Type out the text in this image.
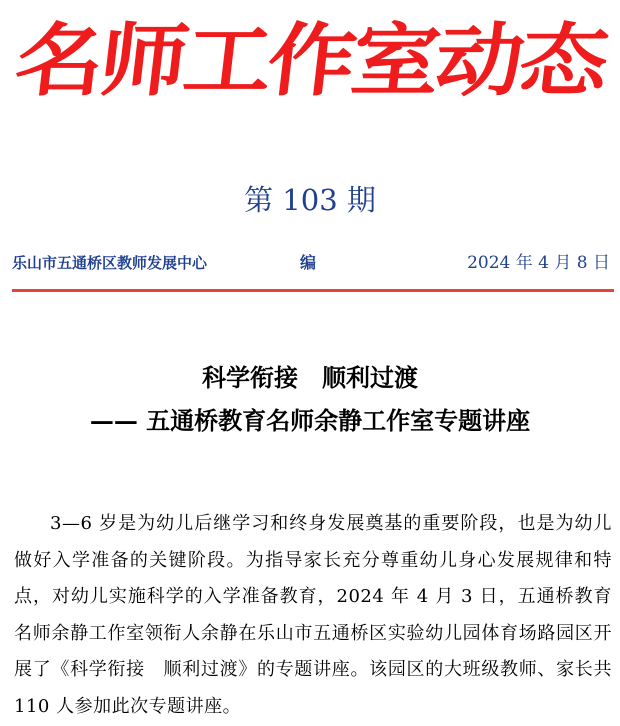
名师工作室动态
第 103 期
乐山市五通桥区教师发展中心	编	2024 年 4 月 8 日
科学衔接　顺利过渡
—— 五通桥教育名师余静工作室专题讲座

3—6 岁是为幼儿后继学习和终身发展奠基的重要阶段，也是为幼儿做好入学准备的关键阶段。为指导家长充分尊重幼儿身心发展规律和特点，对幼儿实施科学的入学准备教育，2024 年 4 月 3 日，五通桥教育名师余静工作室领衔人余静在乐山市五通桥区实验幼儿园体育场路园区开展了《科学衔接　顺利过渡》的专题讲座。该园区的大班级教师、家长共 110 人参加此次专题讲座。
